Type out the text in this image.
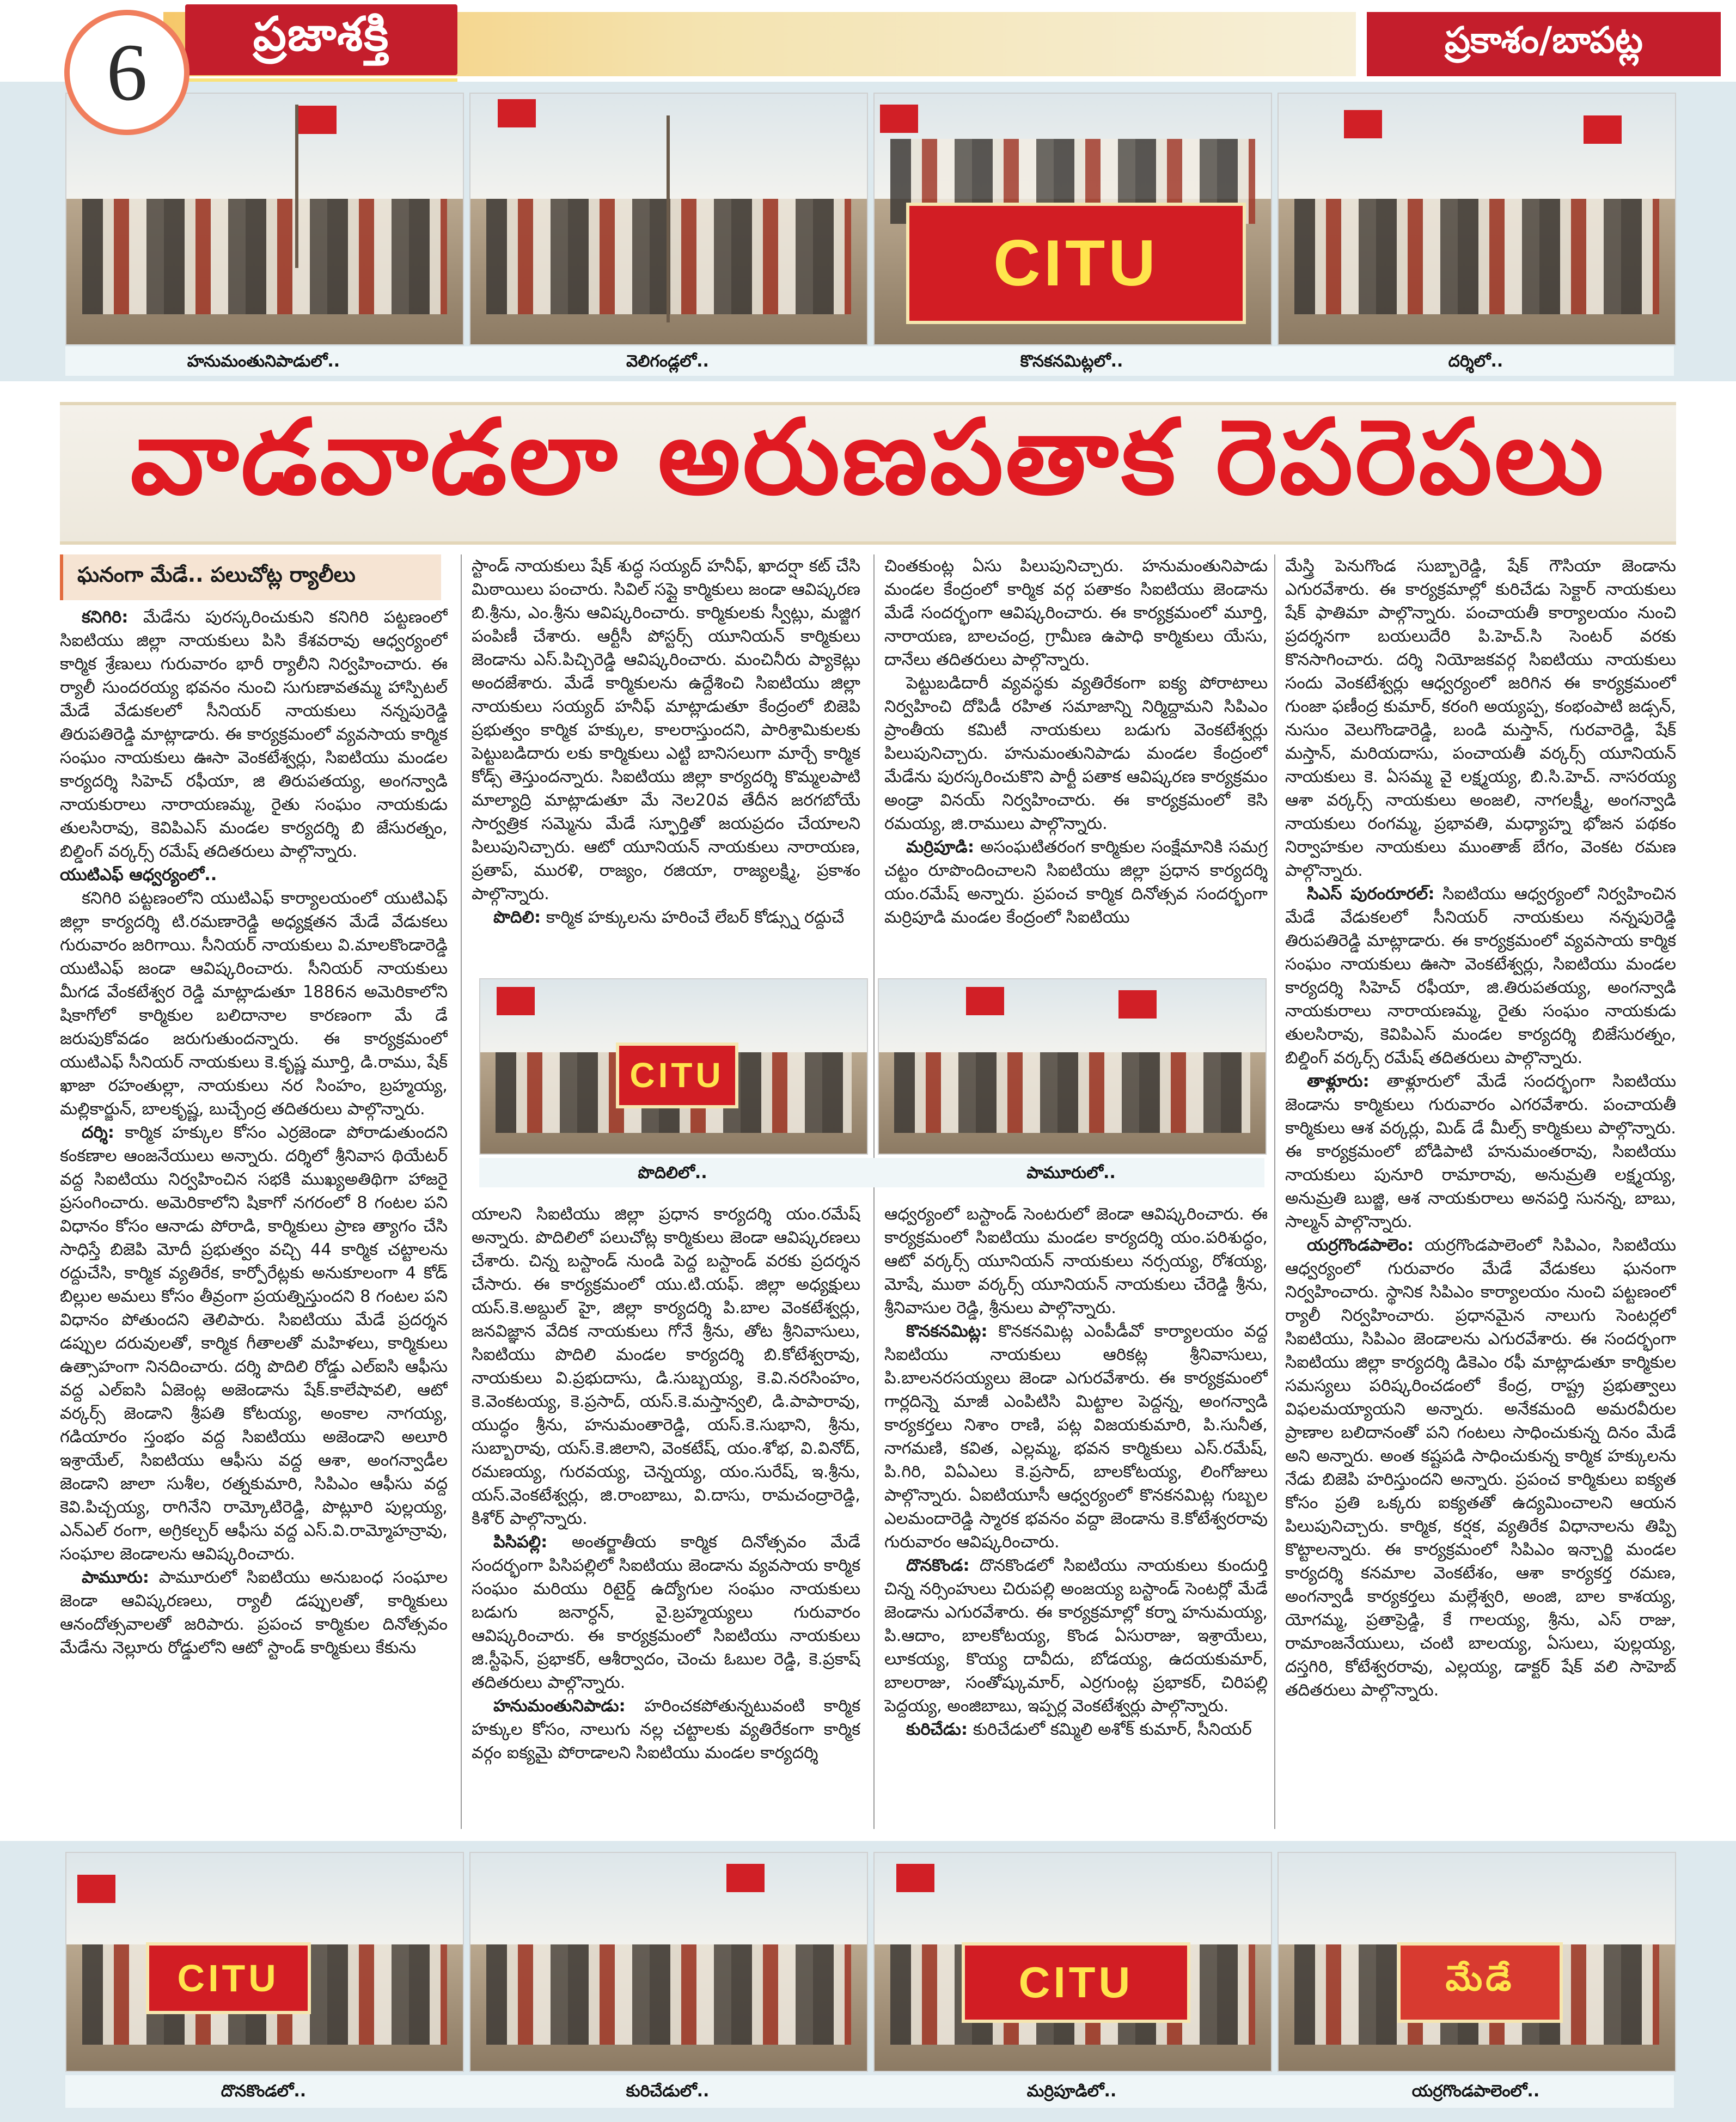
6	ప్రజాశక్తి	ప్రకాశం/బాపట్ల
CITU
హనుమంతునిపాడులో..	వెలిగండ్లలో..	కొనకనమిట్లలో..	దర్శిలో..
వాడవాడలా అరుణపతాక రెపరెపలు
ఘనంగా మేడే.. పలుచోట్ల ర్యాలీలు

కనిగిరి: మేడేను పురస్కరించుకుని కనిగిరి పట్టణంలో సిఐటియు జిల్లా నాయకులు పిసి కేశవరావు ఆధ్వర్యంలో కార్మిక శ్రేణులు గురువారం భారీ ర్యాలీని నిర్వహించారు. ఈ ర్యాలీ సుందరయ్య భవనం నుంచి సుగుణావతమ్మ హాస్పిటల్ మేడే వేడుకలలో సీనియర్ నాయకులు నన్నపురెడ్డి తిరుపతిరెడ్డి మాట్లాడారు. ఈ కార్యక్రమంలో వ్యవసాయ కార్మిక సంఘం నాయకులు ఊసా వెంకటేశ్వర్లు, సిఐటియు మండల కార్యదర్శి సిహెచ్ రఫీయా, జి తిరుపతయ్య, అంగన్వాడి నాయకురాలు నారాయణమ్మ, రైతు సంఘం నాయకుడు తులసిరావు, కెవిపిఎస్ మండల కార్యదర్శి బి జేసురత్నం, బిల్డింగ్ వర్కర్స్ రమేష్ తదితరులు పాల్గొన్నారు.

యుటిఎఫ్ ఆధ్వర్యంలో..

కనిగిరి పట్టణంలోని యుటిఎఫ్ కార్యాలయంలో యుటిఎఫ్ జిల్లా కార్యదర్శి టి.రమణారెడ్డి అధ్యక్షతన మేడే వేడుకలు గురువారం జరిగాయి. సీనియర్ నాయకులు వి.మాలకొండారెడ్డి యుటిఎఫ్ జండా ఆవిష్కరించారు. సీనియర్ నాయకులు మీగడ వేంకటేశ్వర రెడ్డి మాట్లాడుతూ 1886న అమెరికాలోని షికాగోలో కార్మికుల బలిదానాల కారణంగా మే డే జరుపుకోవడం జరుగుతుందన్నారు. ఈ కార్యక్రమంలో యుటిఎఫ్ సీనియర్ నాయకులు కె.కృష్ణ మూర్తి, డి.రాము, షేక్ ఖాజా రహంతుల్లా, నాయకులు నర సింహం, బ్రహ్మయ్య, మల్లికార్జున్, బాలకృష్ణ, బుచ్చేంద్ర తదితరులు పాల్గొన్నారు.

దర్శి: కార్మిక హక్కుల కోసం ఎర్రజెండా పోరాడుతుందని కంకణాల ఆంజనేయులు అన్నారు. దర్శిలో శ్రీనివాస థియేటర్ వద్ద సిఐటియు నిర్వహించిన సభకి ముఖ్యఅతిథిగా హాజరై ప్రసంగించారు. అమెరికాలోని షికాగో నగరంలో 8 గంటల పని విధానం కోసం ఆనాడు పోరాడి, కార్మికులు ప్రాణ త్యాగం చేసి సాధిస్తే బిజెపి మోదీ ప్రభుత్వం వచ్చి 44 కార్మిక చట్టాలను రద్దుచేసి, కార్మిక వ్యతిరేక, కార్పోరేట్లకు అనుకూలంగా 4 కోడ్ బిల్లుల అమలు కోసం తీవ్రంగా ప్రయత్నిస్తుందని 8 గంటల పని విధానం పోతుందని తెలిపారు. సిఐటియు మేడే ప్రదర్శన డప్పుల దరువులతో, కార్మిక గీతాలతో మహిళలు, కార్మికులు ఉత్సాహంగా నినదించారు. దర్శి పొదిలి రోడ్డు ఎల్ఐసి ఆఫీసు వద్ద ఎల్ఐసి ఏజెంట్ల అజెండాను షేక్.కాలేషావలి, ఆటో వర్కర్స్ జెండాని శ్రీపతి కోటయ్య, అంకాల నాగయ్య, గడియారం స్తంభం వద్ద సిఐటియు అజెండాని అలూరి ఇశ్రాయేల్, సిఐటియు ఆఫీసు వద్ద ఆశా, అంగన్వాడీల జెండాని జాలా సుశీల, రత్నకుమారి, సిపిఎం ఆఫీసు వద్ద కెవి.పిచ్చయ్య, రాగినేని రామ్కోటిరెడ్డి, పొట్లూరి పుల్లయ్య, ఎన్ఎల్ రంగా, అగ్రికల్చర్ ఆఫీసు వద్ద ఎస్.వి.రామ్మోహన్రావు, సంఘాల జెండాలను ఆవిష్కరించారు.

పామూరు: పామూరులో సిఐటియు అనుబంధ సంఘాల జెండా ఆవిష్కరణలు, ర్యాలీ డప్పులతో, కార్మికులు ఆనందోత్సవాలతో జరిపారు. ప్రపంచ కార్మికుల దినోత్సవం మేడేను నెల్లూరు రోడ్డులోని ఆటో స్టాండ్ కార్మికులు కేకును

స్టాండ్ నాయకులు షేక్ శుద్ధ సయ్యద్ హనీఫ్, ఖాదర్షా కట్ చేసి మిఠాయిలు పంచారు. సివిల్ సప్లై కార్మికులు జండా ఆవిష్కరణ బి.శ్రీను, ఎం.శ్రీను ఆవిష్కరించారు. కార్మికులకు స్వీట్లు, మజ్జిగ పంపిణీ చేశారు. ఆర్టీసీ పోస్టర్స్ యూనియన్ కార్మికులు జెండాను ఎస్.పిచ్చిరెడ్డి ఆవిష్కరించారు. మంచినీరు ప్యాకెట్లు అందజేశారు. మేడే కార్మికులను ఉద్దేశించి సిఐటియు జిల్లా నాయకులు సయ్యద్ హనీఫ్ మాట్లాడుతూ కేంద్రంలో బిజెపి ప్రభుత్వం కార్మిక హక్కుల, కాలరాస్తుందని, పారిశ్రామికులకు పెట్టుబడిదారు లకు కార్మికులు ఎట్టి బానిసలుగా మార్చే కార్మిక కోడ్స్ తెస్తుందన్నారు. సిఐటియు జిల్లా కార్యదర్శి కొమ్మలపాటి మాల్యాద్రి మాట్లాడుతూ మే నెల20వ తేదీన జరగబోయే సార్వత్రిక సమ్మెను మేడే స్ఫూర్తితో జయప్రదం చేయాలని పిలుపునిచ్చారు. ఆటో యూనియన్ నాయకులు నారాయణ, ప్రతాప్, మురళి, రాజ్యం, రజియా, రాజ్యలక్ష్మి, ప్రకాశం పాల్గొన్నారు.

పొదిలి: కార్మిక హక్కులను హరించే లేబర్ కోడ్స్ను రద్దుచే

చింతకుంట్ల ఏసు పిలుపునిచ్చారు. హనుమంతునిపాడు మండల కేంద్రంలో కార్మిక వర్గ పతాకం సిఐటియు జెండాను మేడే సందర్భంగా ఆవిష్కరించారు. ఈ కార్యక్రమంలో మూర్తి, నారాయణ, బాలచంద్ర, గ్రామీణ ఉపాధి కార్మికులు యేసు, దానేలు తదితరులు పాల్గొన్నారు.

పెట్టుబడిదారీ వ్యవస్థకు వ్యతిరేకంగా ఐక్య పోరాటాలు నిర్వహించి దోపిడీ రహిత సమాజాన్ని నిర్మిద్దామని సిపిఎం ప్రాంతీయ కమిటీ నాయకులు బడుగు వెంకటేశ్వర్లు పిలుపునిచ్చారు. హనుమంతునిపాడు మండల కేంద్రంలో మేడేను పురస్కరించుకొని పార్టీ పతాక ఆవిష్కరణ కార్యక్రమం అండ్రా వినయ్ నిర్వహించారు. ఈ కార్యక్రమంలో కెసి రమయ్య, జి.రాములు పాల్గొన్నారు.

మర్రిపూడి: అసంఘటితరంగ కార్మికుల సంక్షేమానికి సమగ్ర చట్టం రూపొందించాలని సిఐటియు జిల్లా ప్రధాన కార్యదర్శి యం.రమేష్ అన్నారు. ప్రపంచ కార్మిక దినోత్సవ సందర్భంగా మర్రిపూడి మండల కేంద్రంలో సిఐటియు

CITU
పొదిలిలో..	పామూరులో..

యాలని సిఐటియు జిల్లా ప్రధాన కార్యదర్శి యం.రమేష్ అన్నారు. పొదిలిలో పలుచోట్ల కార్మికులు జెండా ఆవిష్కరణలు చేశారు. చిన్న బస్టాండ్ నుండి పెద్ద బస్టాండ్ వరకు ప్రదర్శన చేసారు. ఈ కార్యక్రమంలో యు.టి.యఫ్. జిల్లా అధ్యక్షులు యస్.కె.అబ్దుల్ హై, జిల్లా కార్యదర్శి పి.బాల వెంకటేశ్వర్లు, జనవిజ్ఞాన వేదిక నాయకులు గోనే శ్రీను, తోట శ్రీనివాసులు, సిఐటియు పొదిలి మండల కార్యదర్శి బి.కోటేశ్వరావు, నాయకులు వి.ప్రభుదాసు, డి.సుబ్బయ్య, కె.వి.నరసింహం, కె.వెంకటయ్య, కె.ప్రసాద్, యస్.కె.మస్తాన్వలి, డి.పాపారావు, యుద్ధం శ్రీను, హనుమంతారెడ్డి, యస్.కె.సుభాని, శ్రీను, సుబ్బారావు, యస్.కె.జిలాని, వెంకటేష్, యం.శోభ, వి.వినోద్, రమణయ్య, గురవయ్య, చెన్నయ్య, యం.సురేష్, ఇ.శ్రీను, యస్.వెంకటేశ్వర్లు, జి.రాంబాబు, వి.దాసు, రామచంద్రారెడ్డి, కిశోర్ పాల్గొన్నారు.

పిసిపల్లి: అంతర్జాతీయ కార్మిక దినోత్సవం మేడే సందర్భంగా పిసిపల్లిలో సిఐటియు జెండాను వ్యవసాయ కార్మిక సంఘం మరియు రిటైర్డ్ ఉద్యోగుల సంఘం నాయకులు బడుగు జనార్ధన్, వై.బ్రహ్మయ్యలు గురువారం ఆవిష్కరించారు. ఈ కార్యక్రమంలో సిఐటియు నాయకులు జి.స్టీఫెన్, ప్రభాకర్, ఆశీర్వాదం, చెంచు ఓబుల రెడ్డి, కె.ప్రకాష్ తదితరులు పాల్గొన్నారు.

హనుమంతునిపాడు: హరించకపోతున్నటువంటి కార్మిక హక్కుల కోసం, నాలుగు నల్ల చట్టాలకు వ్యతిరేకంగా కార్మిక వర్గం ఐక్యమై పోరాడాలని సిఐటియు మండల కార్యదర్శి

ఆధ్వర్యంలో బస్టాండ్ సెంటరులో జెండా ఆవిష్కరించారు. ఈ కార్యక్రమంలో సిఐటియు మండల కార్యదర్శి యం.పరిశుద్ధం, ఆటో వర్కర్స్ యూనియన్ నాయకులు నర్సయ్య, రోశయ్య, మోషే, ముఠా వర్కర్స్ యూనియన్ నాయకులు చేరెడ్డి శ్రీను, శ్రీనివాసుల రెడ్డి, శ్రీనులు పాల్గొన్నారు.

కొనకనమిట్ల: కొనకనమిట్ల ఎంపీడీవో కార్యాలయం వద్ద సిఐటియు నాయకులు ఆరికట్ల శ్రీనివాసులు, పి.బాలనరసయ్యలు జెండా ఎగురవేశారు. ఈ కార్యక్రమంలో గార్లదిన్నె మాజీ ఎంపిటిసి మిట్టాల పెద్దన్న, అంగన్వాడి కార్యకర్తలు నిశాం రాణి, పట్ల విజయకుమారి, పి.సునీత, నాగమణి, కవిత, ఎల్లమ్మ, భవన కార్మికులు ఎస్.రమేష్, పి.గిరి, విఏఎలు కె.ప్రసాద్, బాలకోటయ్య, లింగోజులు పాల్గొన్నారు. ఏఐటియూసీ ఆధ్వర్యంలో కొనకనమిట్ల గుబ్బల ఎలమందారెడ్డి స్మారక భవనం వద్దా జెండాను కె.కోటేశ్వరరావు గురువారం ఆవిష్కరించారు.

దొనకొండ: దొనకొండలో సిఐటియు నాయకులు కుందుర్తి చిన్న నర్సింహులు చిరుపల్లి అంజయ్య బస్టాండ్ సెంటర్లో మేడే జెండాను ఎగురవేశారు. ఈ కార్యక్రమాల్లో కర్నా హనుమయ్య, పి.ఆదాం, బాలకోటయ్య, కొండ ఏసురాజు, ఇశ్రాయేలు, లూకయ్య, కొయ్య దావీదు, బోడయ్య, ఉదయకుమార్, బాలరాజు, సంతోష్కుమార్, ఎర్రగుంట్ల ప్రభాకర్, చిరిపల్లి పెద్దయ్య, అంజిబాబు, ఇప్పర్ల వెంకటేశ్వర్లు పాల్గొన్నారు.

కురిచేడు: కురిచేడులో కమ్మిలి అశోక్ కుమార్, సీనియర్

మేస్త్రి పెనుగొండ సుబ్బారెడ్డి, షేక్ గౌసియా జెండాను ఎగురవేశారు. ఈ కార్యక్రమాల్లో కురిచేడు సెక్టార్ నాయకులు షేక్ ఫాతిమా పాల్గొన్నారు. పంచాయతీ కార్యాలయం నుంచి ప్రదర్శనగా బయలుదేరి పి.హెచ్.సి సెంటర్ వరకు కొనసాగించారు. దర్శి నియోజకవర్గ సిఐటియు నాయకులు సందు వెంకటేశ్వర్లు ఆధ్వర్యంలో జరిగిన ఈ కార్యక్రమంలో గుంజా ఫణీంద్ర కుమార్, కరంగి అయ్యప్ప, కంభంపాటి జడ్సన్, నుసుం వెలుగొండారెడ్డి, బండి మస్తాన్, గురవారెడ్డి, షేక్ మస్తాన్, మరియదాసు, పంచాయతీ వర్కర్స్ యూనియన్ నాయకులు కె. ఏసమ్మ వై లక్ష్మయ్య, బి.సి.హెచ్. నాసరయ్య ఆశా వర్కర్స్ నాయకులు అంజలి, నాగలక్ష్మీ, అంగన్వాడి నాయకులు రంగమ్మ, ప్రభావతి, మధ్యాహ్న భోజన పథకం నిర్వాహకుల నాయకులు ముంతాజ్ బేగం, వెంకట రమణ పాల్గొన్నారు.

సిఎస్ పురంరూరల్: సిఐటియు ఆధ్వర్యంలో నిర్వహించిన మేడే వేడుకలలో సీనియర్ నాయకులు నన్నపురెడ్డి తిరుపతిరెడ్డి మాట్లాడారు. ఈ కార్యక్రమంలో వ్యవసాయ కార్మిక సంఘం నాయకులు ఊసా వెంకటేశ్వర్లు, సిఐటియు మండల కార్యదర్శి సిహెచ్ రఫీయా, జి.తిరుపతయ్య, అంగన్వాడి నాయకురాలు నారాయణమ్మ, రైతు సంఘం నాయకుడు తులసిరావు, కెవిపిఎస్ మండల కార్యదర్శి బిజేసురత్నం, బిల్డింగ్ వర్కర్స్ రమేష్ తదితరులు పాల్గొన్నారు.

తాళ్లూరు: తాళ్లూరులో మేడే సందర్భంగా సిఐటియు జెండాను కార్మికులు గురువారం ఎగరవేశారు. పంచాయతీ కార్మికులు ఆశ వర్కర్లు, మిడ్ డే మీల్స్ కార్మికులు పాల్గొన్నారు. ఈ కార్యక్రమంలో బోడిపాటి హనుమంతరావు, సిఐటియు నాయకులు పునూరి రామారావు, అనుమ్రతి లక్ష్మయ్య, అనుమ్రతి బుజ్జి, ఆశ నాయకురాలు అనపర్తి సునన్న, బాబు, సాల్మన్ పాల్గొన్నారు.

యర్రగొండపాలెం: యర్రగొండపాలెంలో సిపిఎం, సిఐటియు ఆధ్వర్యంలో గురువారం మేడే వేడుకలు ఘనంగా నిర్వహించారు. స్థానిక సిపిఎం కార్యాలయం నుంచి పట్టణంలో ర్యాలీ నిర్వహించారు. ప్రధానమైన నాలుగు సెంటర్లలో సిఐటియు, సిపిఎం జెండాలను ఎగురవేశారు. ఈ సందర్భంగా సిఐటియు జిల్లా కార్యదర్శి డికెఎం రఫీ మాట్లాడుతూ కార్మికుల సమస్యలు పరిష్కరించడంలో కేంద్ర, రాష్ట్ర ప్రభుత్వాలు విఫలమయ్యాయని అన్నారు. అనేకమంది అమరవీరుల ప్రాణాల బలిదానంతో పని గంటలు సాధించుకున్న దినం మేడే అని అన్నారు. అంత కష్టపడి సాధించుకున్న కార్మిక హక్కులను నేడు బిజెపి హరిస్తుందని అన్నారు. ప్రపంచ కార్మికులు ఐక్యత కోసం ప్రతి ఒక్కరు ఐక్యతతో ఉద్యమించాలని ఆయన పిలుపునిచ్చారు. కార్మిక, కర్షక, వ్యతిరేక విధానాలను తిప్పి కొట్టాలన్నారు. ఈ కార్యక్రమంలో సిపిఎం ఇన్చార్జి మండల కార్యదర్శి కనమాల వెంకటేశం, ఆశా కార్యకర్త రమణ, అంగన్వాడీ కార్యకర్తలు మల్లేశ్వరి, అంజి, బాల కాశయ్య, యోగమ్మ, ప్రతాప్రెడ్డి, కే గాలయ్య, శ్రీను, ఎస్ రాజు, రామాంజనేయులు, చంటి బాలయ్య, ఏసులు, పుల్లయ్య, దస్తగిరి, కోటేశ్వరరావు, ఎల్లయ్య, డాక్టర్ షేక్ వలి సాహెబ్ తదితరులు పాల్గొన్నారు.

CITU	CITU	మేడే
దొనకొండలో..	కురిచేడులో..	మర్రిపూడిలో..	యర్రగొండపాలెంలో..
